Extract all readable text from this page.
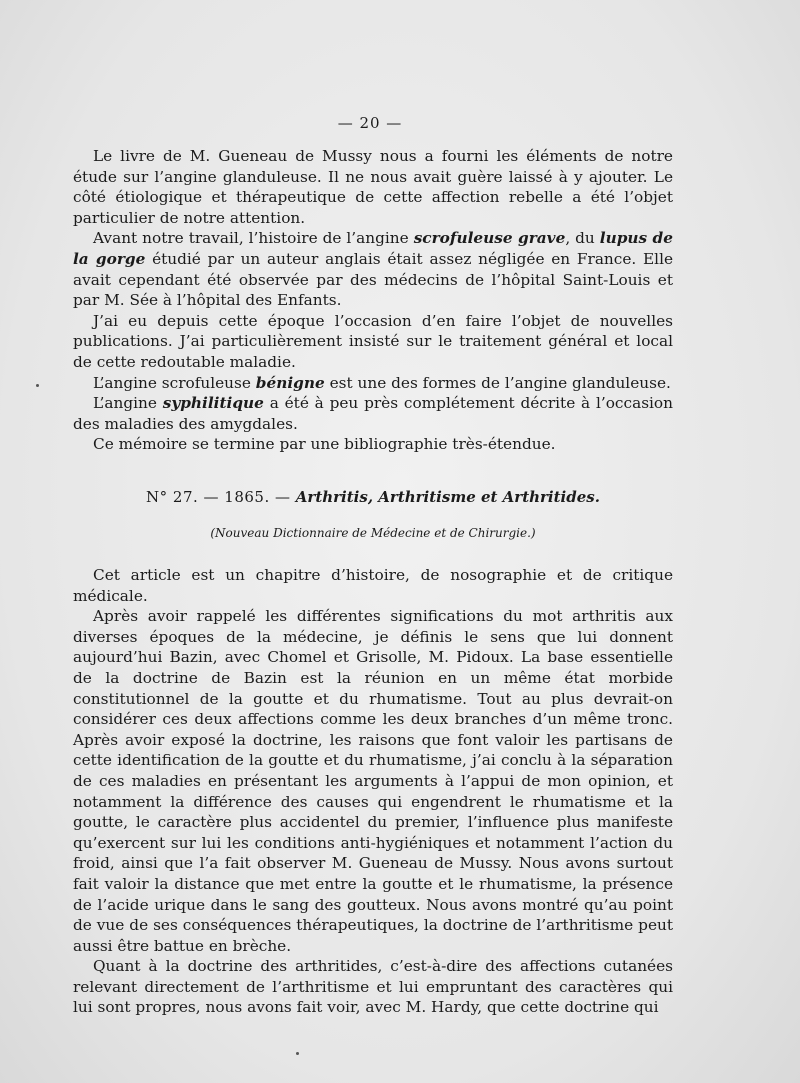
— 20 —

Le livre de M. Gueneau de Mussy nous a fourni les éléments de notre étude sur l’angine glanduleuse. Il ne nous avait guère laissé à y ajouter. Le côté étiologique et thérapeutique de cette affection rebelle a été l’objet particulier de notre attention.

Avant notre travail, l’histoire de l’angine scrofuleuse grave, du lupus de la gorge étudié par un auteur anglais était assez négligée en France. Elle avait cependant été observée par des médecins de l’hôpital Saint-Louis et par M. Sée à l’hôpital des Enfants.

J’ai eu depuis cette époque l’occasion d’en faire l’objet de nouvelles publications. J’ai particulièrement insisté sur le traitement général et local de cette redoutable maladie.

L’angine scrofuleuse bénigne est une des formes de l’angine glanduleuse.

L’angine syphilitique a été à peu près complétement décrite à l’occasion des maladies des amygdales.

Ce mémoire se termine par une bibliographie très-étendue.

N° 27. — 1865. — Arthritis, Arthritisme et Arthritides.
(Nouveau Dictionnaire de Médecine et de Chirurgie.)

Cet article est un chapitre d’histoire, de nosographie et de critique médicale.

Après avoir rappelé les différentes significations du mot arthritis aux diverses époques de la médecine, je définis le sens que lui donnent aujourd’hui Bazin, avec Chomel et Grisolle, M. Pidoux. La base essentielle de la doctrine de Bazin est la réunion en un même état morbide constitutionnel de la goutte et du rhumatisme. Tout au plus devrait-on considérer ces deux affections comme les deux branches d’un même tronc. Après avoir exposé la doctrine, les raisons que font valoir les partisans de cette identification de la goutte et du rhumatisme, j’ai conclu à la séparation de ces maladies en présentant les arguments à l’appui de mon opinion, et notamment la différence des causes qui engendrent le rhumatisme et la goutte, le caractère plus accidentel du premier, l’influence plus manifeste qu’exercent sur lui les conditions anti-hygiéniques et notamment l’action du froid, ainsi que l’a fait observer M. Gueneau de Mussy. Nous avons surtout fait valoir la distance que met entre la goutte et le rhumatisme, la présence de l’acide urique dans le sang des goutteux. Nous avons montré qu’au point de vue de ses conséquences thérapeutiques, la doctrine de l’arthritisme peut aussi être battue en brèche.

Quant à la doctrine des arthritides, c’est-à-dire des affections cutanées relevant directement de l’arthritisme et lui empruntant des caractères qui lui sont propres, nous avons fait voir, avec M. Hardy, que cette doctrine qui
